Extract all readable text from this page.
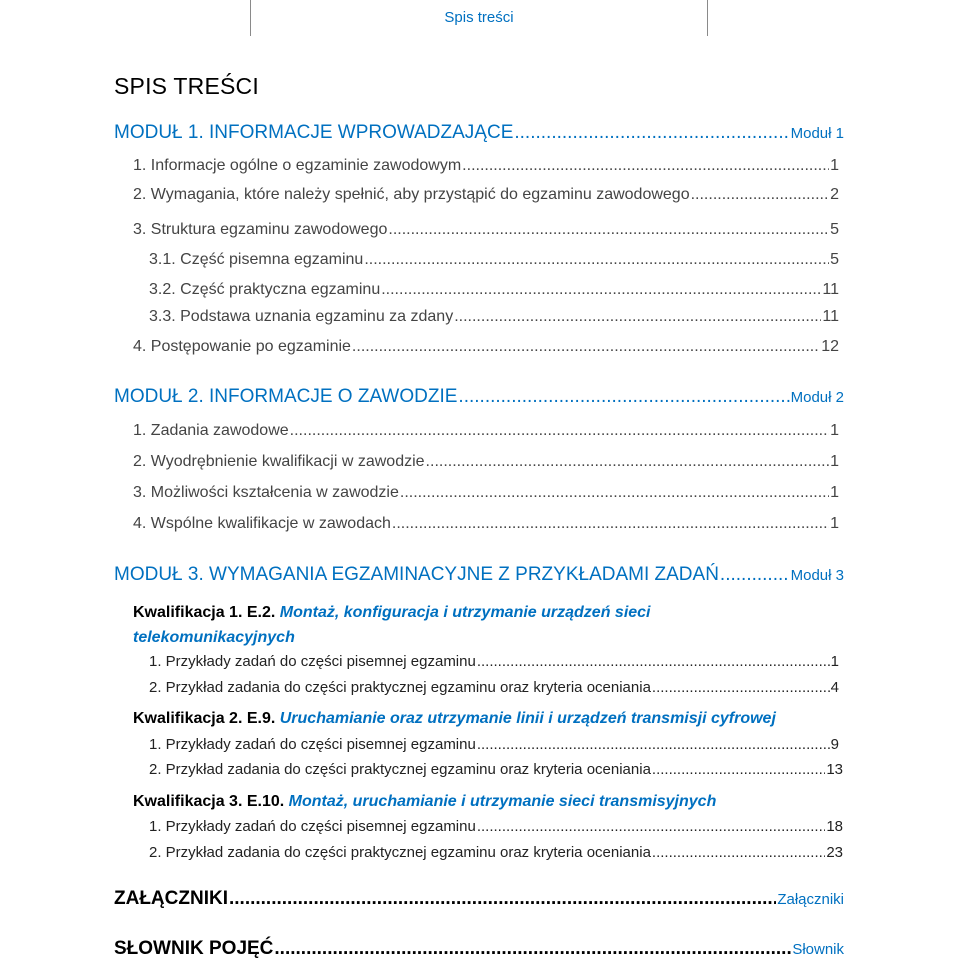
Spis treści
SPIS TREŚCI
MODUŁ 1. INFORMACJE WPROWADZAJĄCE .....	Moduł 1
1. Informacje ogólne o egzaminie zawodowym .....	1
2. Wymagania, które należy spełnić, aby przystąpić do egzaminu zawodowego .....	2
3. Struktura egzaminu zawodowego .....	5
3.1. Część pisemna egzaminu .....	5
3.2. Część praktyczna egzaminu .....	11
3.3. Podstawa uznania egzaminu za zdany .....	11
4. Postępowanie po egzaminie .....	12
MODUŁ 2. INFORMACJE O ZAWODZIE .....	Moduł 2
1. Zadania zawodowe .....	1
2. Wyodrębnienie kwalifikacji w zawodzie .....	1
3. Możliwości kształcenia w zawodzie .....	1
4. Wspólne kwalifikacje w zawodach .....	1
MODUŁ 3. WYMAGANIA EGZAMINACYJNE Z PRZYKŁADAMI ZADAŃ .....	Moduł 3
Kwalifikacja 1. E.2. Montaż, konfiguracja i utrzymanie urządzeń sieci
telekomunikacyjnych
1. Przykłady zadań do części pisemnej egzaminu .....	1
2. Przykład zadania do części praktycznej egzaminu oraz kryteria oceniania .....	4
Kwalifikacja 2. E.9. Uruchamianie oraz utrzymanie linii i urządzeń transmisji cyfrowej
1. Przykłady zadań do części pisemnej egzaminu .....	9
2. Przykład zadania do części praktycznej egzaminu oraz kryteria oceniania .....	13
Kwalifikacja 3. E.10. Montaż, uruchamianie i utrzymanie sieci transmisyjnych
1. Przykłady zadań do części pisemnej egzaminu .....	18
2. Przykład zadania do części praktycznej egzaminu oraz kryteria oceniania .....	23
ZAŁĄCZNIKI .....	Załączniki
SŁOWNIK POJĘĆ .....	Słownik
